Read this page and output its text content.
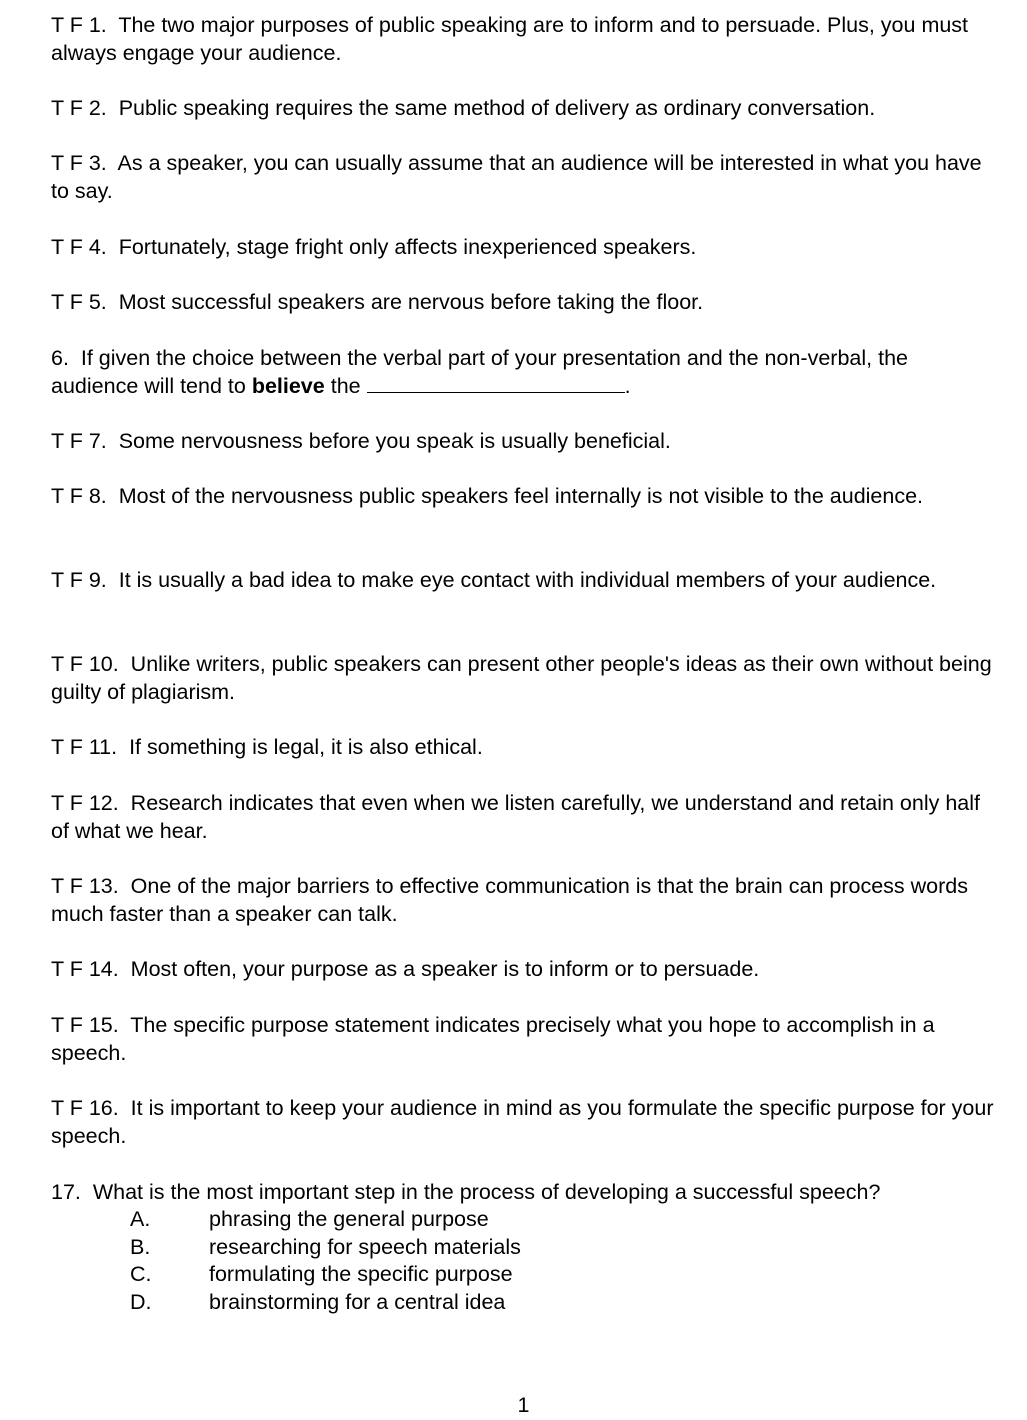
T F 1. The two major purposes of public speaking are to inform and to persuade. Plus, you must always engage your audience.
T F 2. Public speaking requires the same method of delivery as ordinary conversation.
T F 3. As a speaker, you can usually assume that an audience will be interested in what you have to say.
T F 4. Fortunately, stage fright only affects inexperienced speakers.
T F 5. Most successful speakers are nervous before taking the floor.
6. If given the choice between the verbal part of your presentation and the non-verbal, the audience will tend to believe the	.
T F 7. Some nervousness before you speak is usually beneficial.
T F 8. Most of the nervousness public speakers feel internally is not visible to the audience.
T F 9. It is usually a bad idea to make eye contact with individual members of your audience.
T F 10. Unlike writers, public speakers can present other people's ideas as their own without being guilty of plagiarism.
T F 11. If something is legal, it is also ethical.
T F 12. Research indicates that even when we listen carefully, we understand and retain only half of what we hear.
T F 13. One of the major barriers to effective communication is that the brain can process words much faster than a speaker can talk.
T F 14. Most often, your purpose as a speaker is to inform or to persuade.
T F 15. The specific purpose statement indicates precisely what you hope to accomplish in a speech.
T F 16. It is important to keep your audience in mind as you formulate the specific purpose for your speech.
17. What is the most important step in the process of developing a successful speech?
A.	phrasing the general purpose
B.	researching for speech materials
C.	formulating the specific purpose
D.	brainstorming for a central idea
1
